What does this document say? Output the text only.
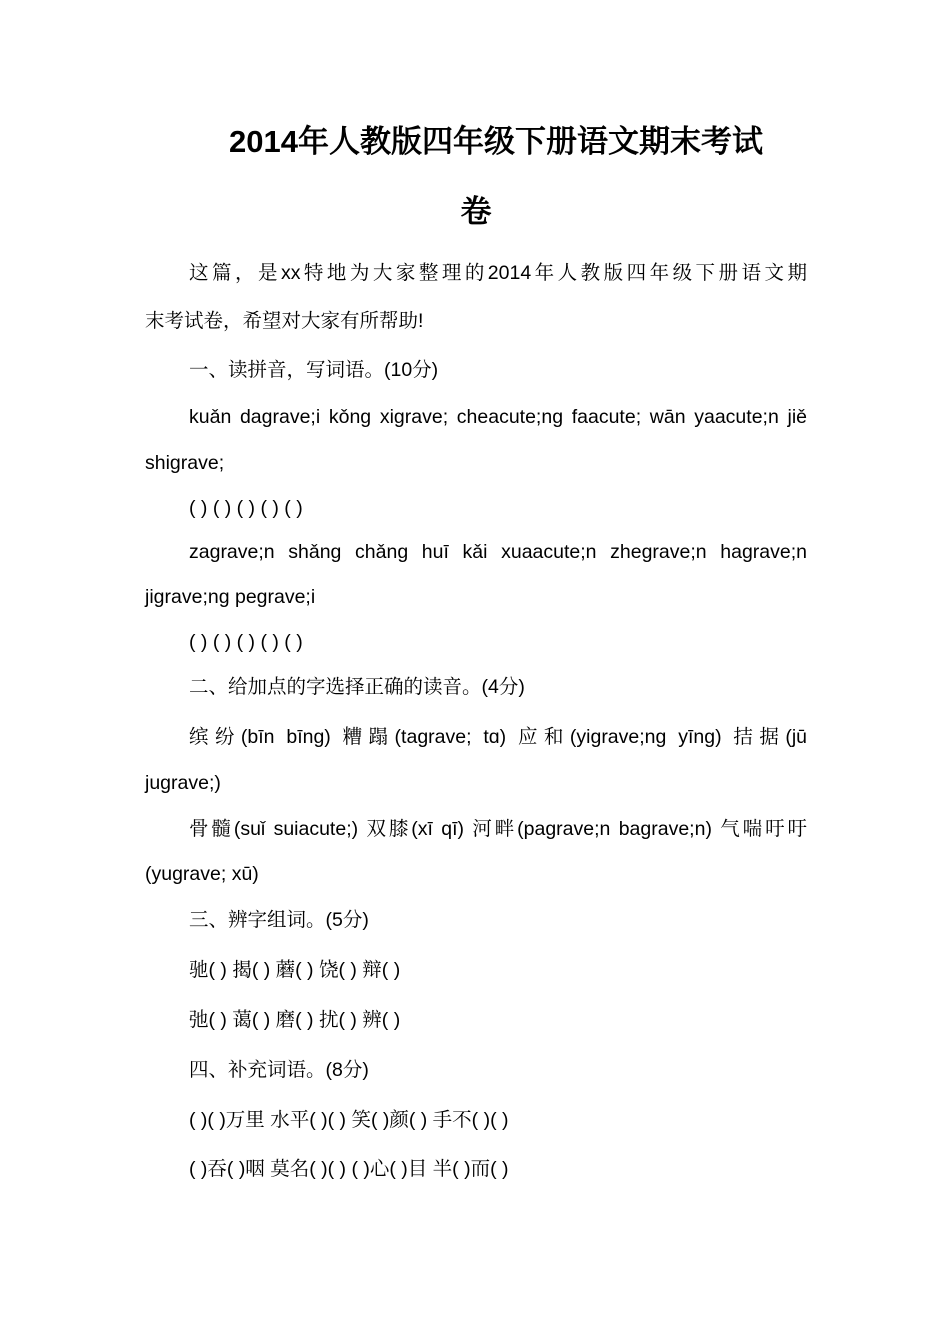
2014年人教版四年级下册语文期末考试
卷
这篇，是xx特地为大家整理的2014年人教版四年级下册语文期
末考试卷，希望对大家有所帮助!
一、读拼音，写词语。(10分)
kuǎn dagrave;i kǒng xigrave; cheacute;ng faacute; wān yaacute;n jiě
shigrave;
( ) ( ) ( ) ( ) ( )
zagrave;n shǎng chǎng huī kǎi xuaacute;n zhegrave;n hagrave;n
jigrave;ng pegrave;i
( ) ( ) ( ) ( ) ( )
二、给加点的字选择正确的读音。(4分)
缤纷(bīn bīng) 糟蹋(tagrave; tɑ) 应和(yigrave;ng yīng) 拮据(jū
jugrave;)
骨髓(suǐ suiacute;) 双膝(xī qī) 河畔(pagrave;n bagrave;n) 气喘吁吁
(yugrave; xū)
三、辨字组词。(5分)
驰( ) 揭( ) 蘑( ) 饶( ) 辩( )
弛( ) 蔼( ) 磨( ) 扰( ) 辨( )
四、补充词语。(8分)
( )( )万里 水平( )( ) 笑( )颜( ) 手不( )( )
( )吞( )咽 莫名( )( ) ( )心( )目 半( )而( )
